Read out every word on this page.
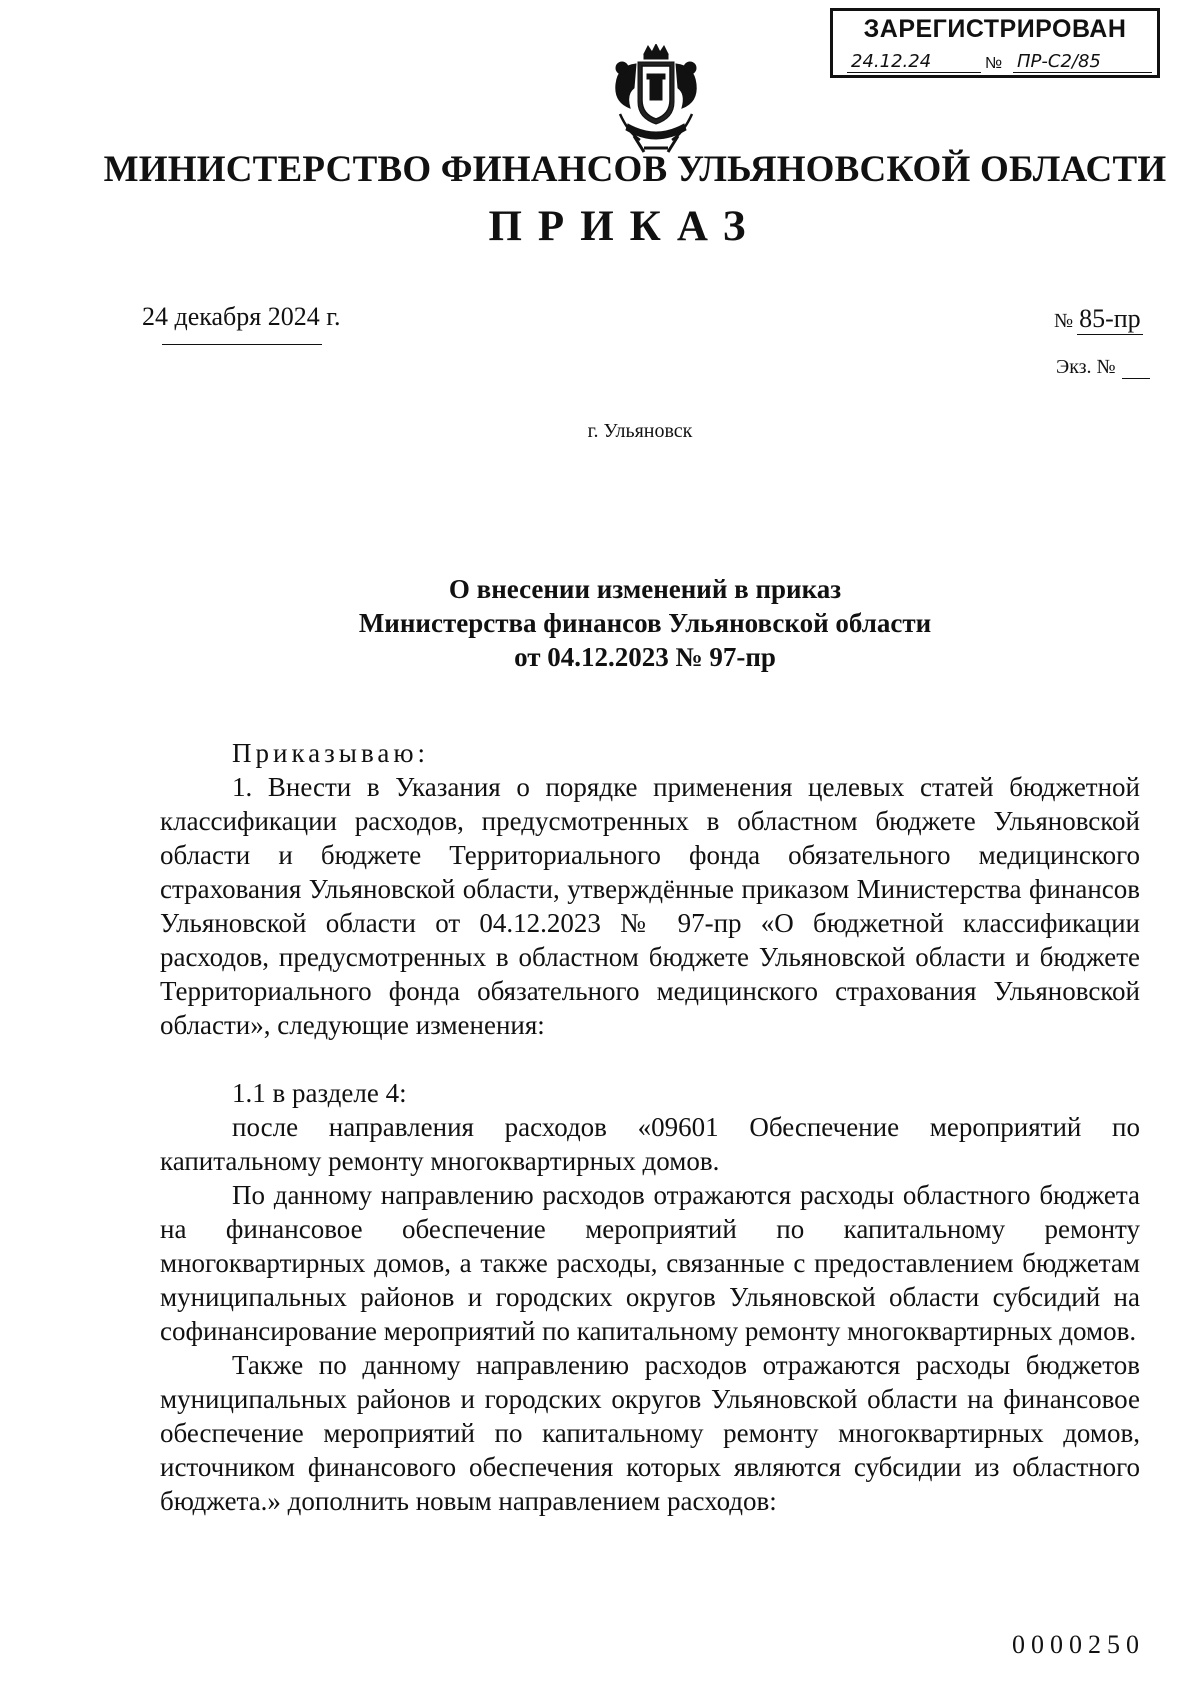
ЗАРЕГИСТРИРОВАН
24.12.24	№ ПР-С2/85
МИНИСТЕРСТВО ФИНАНСОВ УЛЬЯНОВСКОЙ ОБЛАСТИ
ПРИКАЗ
24 декабря 2024 г.	№ 85-пр
Экз. №
г. Ульяновск
О внесении изменений в приказ
Министерства финансов Ульяновской области
от 04.12.2023 № 97-пр

Приказываю:

1. Внести в Указания о порядке применения целевых статей бюджетной классификации расходов, предусмотренных в областном бюджете Ульяновской области и бюджете Территориального фонда обязательного медицинского страхования Ульяновской области, утверждённые приказом Министерства финансов Ульяновской области от 04.12.2023 № 97-пр «О бюджетной классификации расходов, предусмотренных в областном бюджете Ульяновской области и бюджете Территориального фонда обязательного медицинского страхования Ульяновской области», следующие изменения:

1.1 в разделе 4:

после направления расходов «09601 Обеспечение мероприятий по капитальному ремонту многоквартирных домов.

По данному направлению расходов отражаются расходы областного бюджета на финансовое обеспечение мероприятий по капитальному ремонту многоквартирных домов, а также расходы, связанные с предоставлением бюджетам муниципальных районов и городских округов Ульяновской области субсидий на софинансирование мероприятий по капитальному ремонту многоквартирных домов.

Также по данному направлению расходов отражаются расходы бюджетов муниципальных районов и городских округов Ульяновской области на финансовое обеспечение мероприятий по капитальному ремонту многоквартирных домов, источником финансового обеспечения которых являются субсидии из областного бюджета.» дополнить новым направлением расходов:

0000250
